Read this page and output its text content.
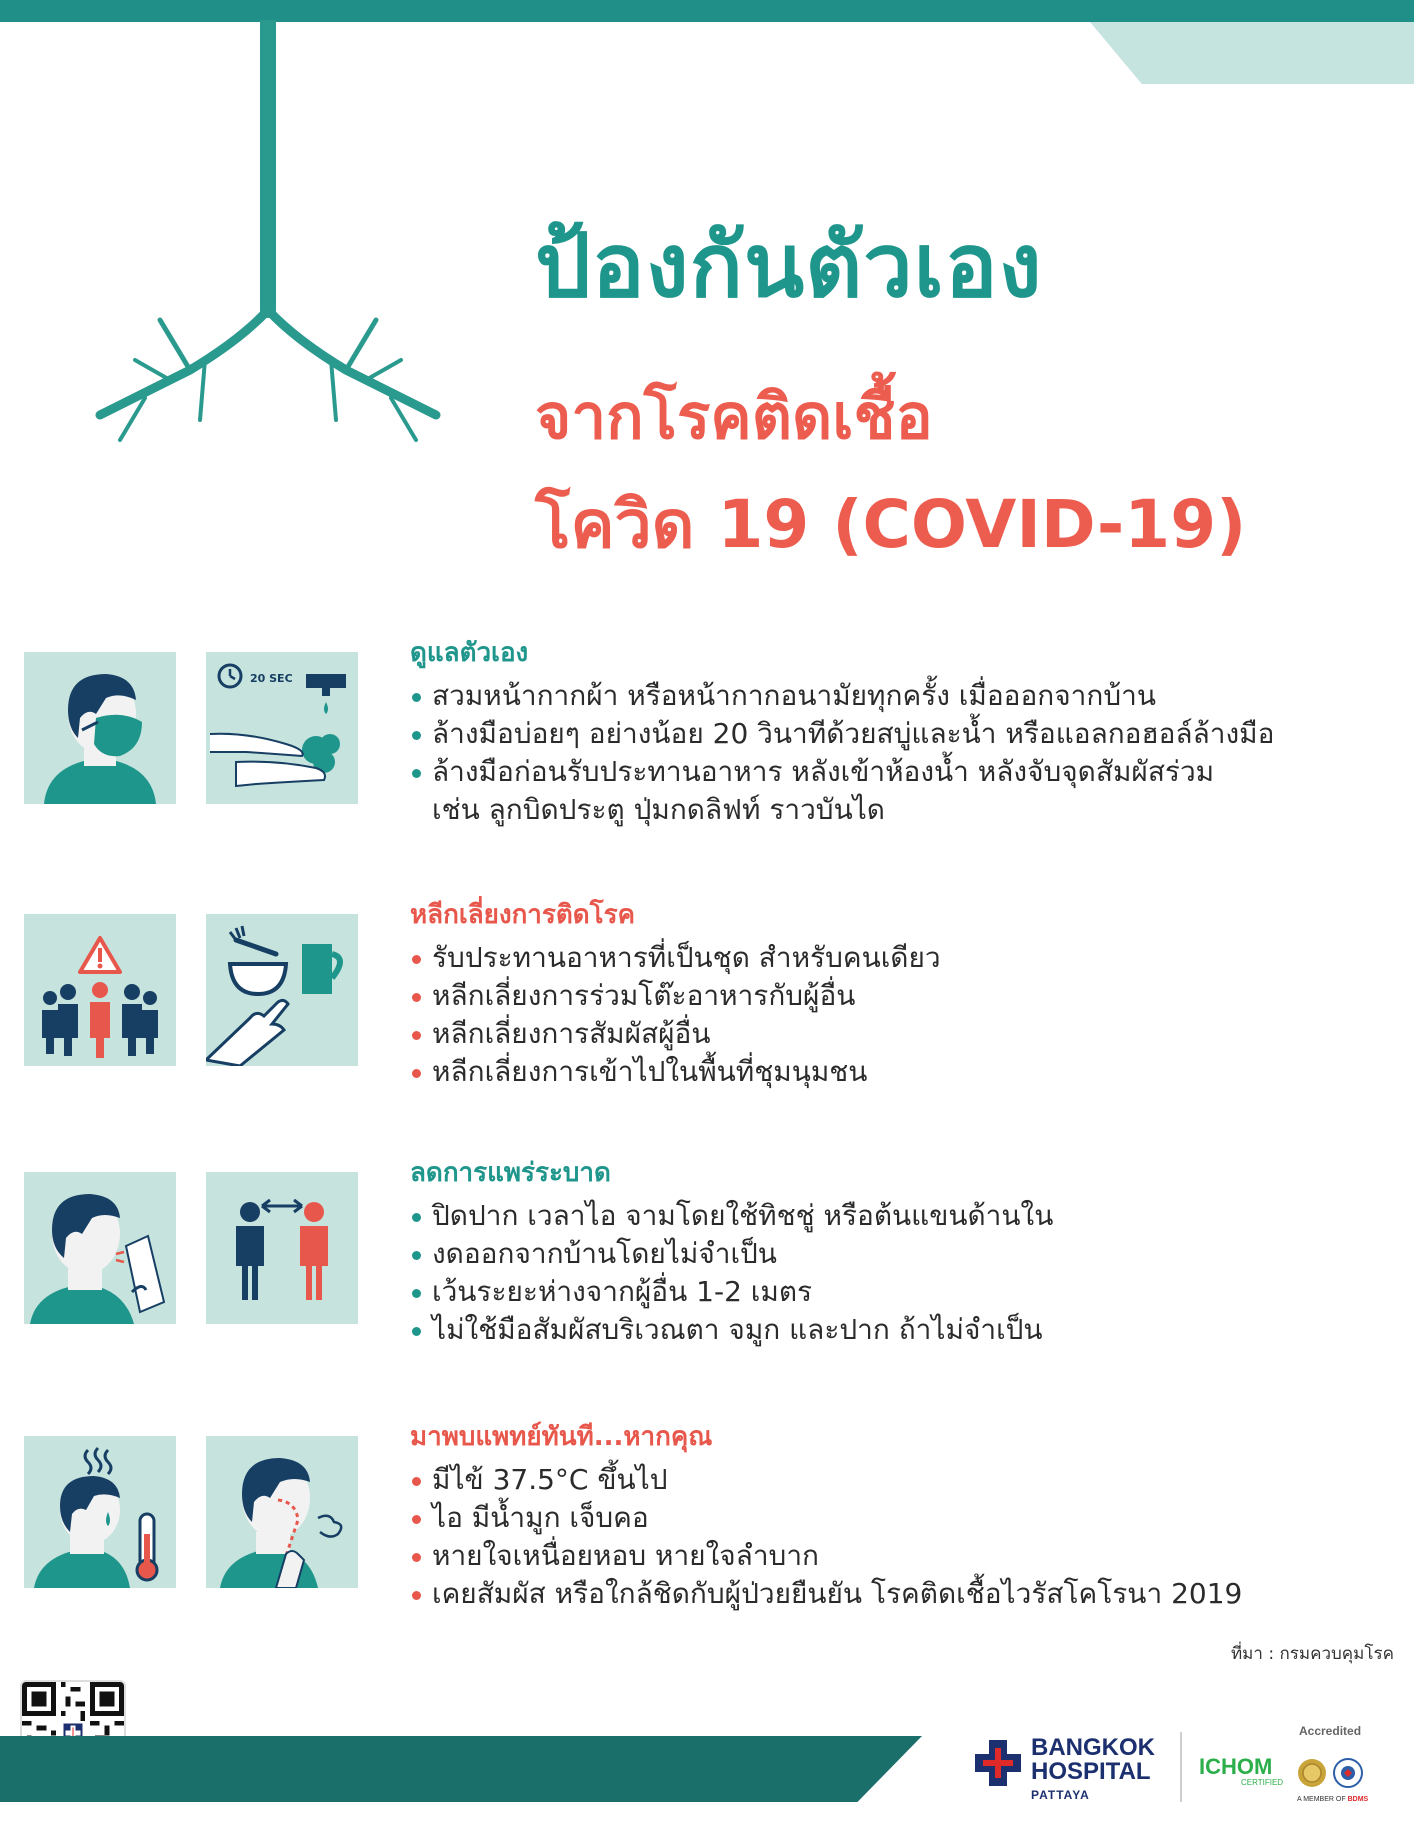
ป้องกันตัวเอง
จากโรคติดเชื้อ
โควิด 19 (COVID-19)
20 SEC
ดูแลตัวเอง
สวมหน้ากากผ้า หรือหน้ากากอนามัยทุกครั้ง เมื่อออกจากบ้าน
ล้างมือบ่อยๆ อย่างน้อย 20 วินาทีด้วยสบู่และน้ำ หรือแอลกอฮอล์ล้างมือ
ล้างมือก่อนรับประทานอาหาร หลังเข้าห้องน้ำ หลังจับจุดสัมผัสร่วม
เช่น ลูกบิดประตู ปุ่มกดลิฟท์ ราวบันได
หลีกเลี่ยงการติดโรค
รับประทานอาหารที่เป็นชุด สำหรับคนเดียว
หลีกเลี่ยงการร่วมโต๊ะอาหารกับผู้อื่น
หลีกเลี่ยงการสัมผัสผู้อื่น
หลีกเลี่ยงการเข้าไปในพื้นที่ชุมนุมชน
ลดการแพร่ระบาด
ปิดปาก เวลาไอ จามโดยใช้ทิชชู่ หรือต้นแขนด้านใน
งดออกจากบ้านโดยไม่จำเป็น
เว้นระยะห่างจากผู้อื่น 1-2 เมตร
ไม่ใช้มือสัมผัสบริเวณตา จมูก และปาก ถ้าไม่จำเป็น
มาพบแพทย์ทันที...หากคุณ
มีไข้ 37.5°C ขึ้นไป
ไอ มีน้ำมูก เจ็บคอ
หายใจเหนื่อยหอบ หายใจลำบาก
เคยสัมผัส หรือใกล้ชิดกับผู้ป่วยยืนยัน โรคติดเชื้อไวรัสโคโรนา 2019
ที่มา : กรมควบคุมโรค
BANGKOK
HOSPITAL
PATTAYA
ICHOM
CERTIFIED
Accredited
A MEMBER OF BDMS
